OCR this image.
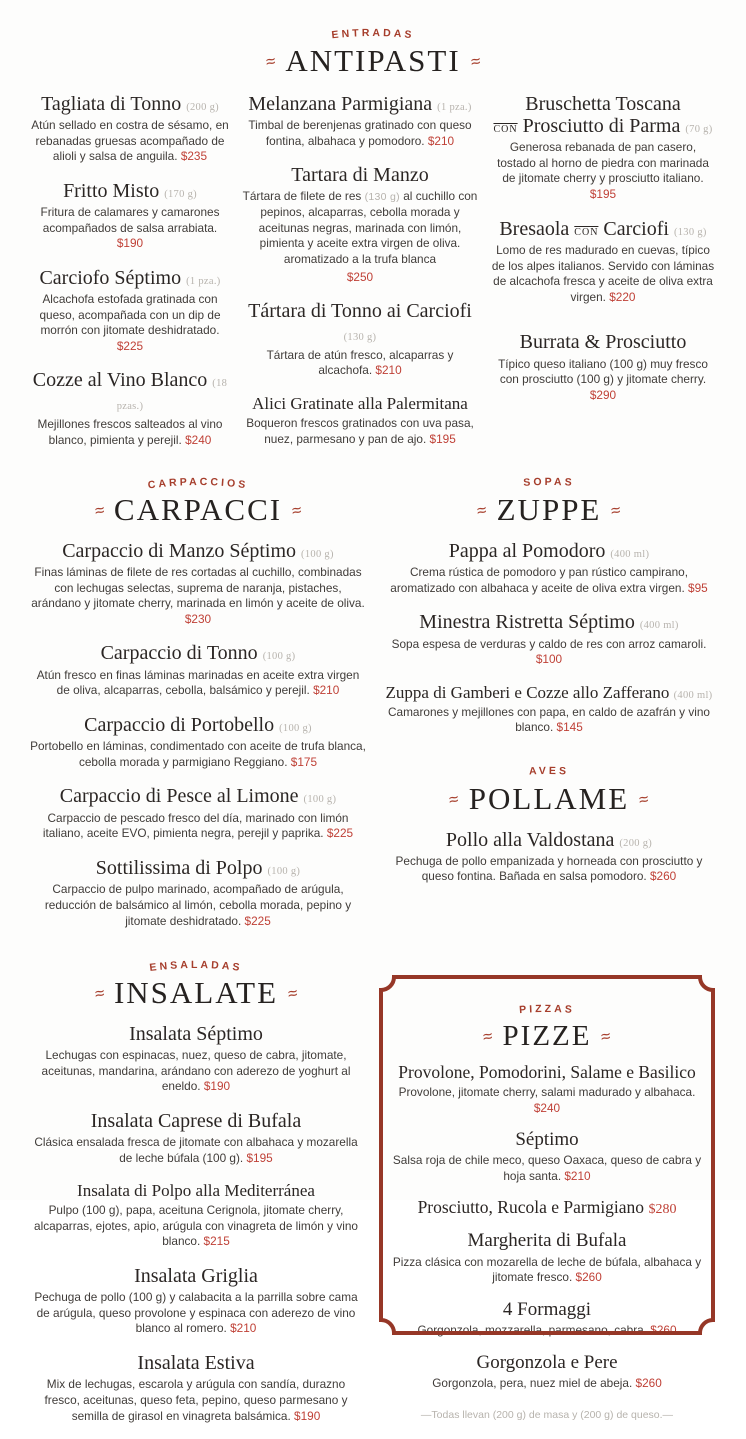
ENTRADAS
≈ ANTIPASTI ≈
Tagliata di Tonno (200 g)

Atún sellado en costra de sésamo, en rebanadas gruesas acompañado de alioli y salsa de anguila. $235

Fritto Misto (170 g)

Fritura de calamares y camarones acompañados de salsa arrabiata. $190

Carciofo Séptimo (1 pza.)

Alcachofa estofada gratinada con queso, acompañada con un dip de morrón con jitomate deshidratado. $225

Cozze al Vino Blanco (18 pzas.)

Mejillones frescos salteados al vino blanco, pimienta y perejil. $240

Melanzana Parmigiana (1 pza.)

Timbal de berenjenas gratinado con queso fontina, albahaca y pomodoro. $210

Tartara di Manzo

Tártara de filete de res (130 g) al cuchillo con pepinos, alcaparras, cebolla morada y aceitunas negras, marinada con limón, pimienta y aceite extra virgen de oliva. aromatizado a la trufa blanca
$250

Tártara di Tonno ai Carciofi (130 g)

Tártara de atún fresco, alcaparras y alcachofa. $210

Alici Gratinate alla Palermitana

Boqueron frescos gratinados con uva pasa, nuez, parmesano y pan de ajo. $195

Bruschetta Toscana
CON Prosciutto di Parma (70 g)

Generosa rebanada de pan casero, tostado al horno de piedra con marinada de jitomate cherry y prosciutto italiano. $195

Bresaola CON Carciofi (130 g)

Lomo de res madurado en cuevas, típico de los alpes italianos. Servido con láminas de alcachofa fresca y aceite de oliva extra virgen. $220

Burrata & Prosciutto

Típico queso italiano (100 g) muy fresco con prosciutto (100 g) y jitomate cherry. $290

CARPACCIOS
≈ CARPACCI ≈
Carpaccio di Manzo Séptimo (100 g)

Finas láminas de filete de res cortadas al cuchillo, combinadas con lechugas selectas, suprema de naranja, pistaches, arándano y jitomate cherry, marinada en limón y aceite de oliva. $230

Carpaccio di Tonno (100 g)

Atún fresco en finas láminas marinadas en aceite extra virgen de oliva, alcaparras, cebolla, balsámico y perejil. $210

Carpaccio di Portobello (100 g)

Portobello en láminas, condimentado con aceite de trufa blanca, cebolla morada y parmigiano Reggiano. $175

Carpaccio di Pesce al Limone (100 g)

Carpaccio de pescado fresco del día, marinado con limón italiano, aceite EVO, pimienta negra, perejil y paprika. $225

Sottilissima di Polpo (100 g)

Carpaccio de pulpo marinado, acompañado de arúgula, reducción de balsámico al limón, cebolla morada, pepino y jitomate deshidratado. $225

SOPAS
≈ ZUPPE ≈
Pappa al Pomodoro (400 ml)

Crema rústica de pomodoro y pan rústico campirano, aromatizado con albahaca y aceite de oliva extra virgen. $95

Minestra Ristretta Séptimo (400 ml)

Sopa espesa de verduras y caldo de res con arroz camaroli. $100

Zuppa di Gamberi e Cozze allo Zafferano (400 ml)

Camarones y mejillones con papa, en caldo de azafrán y vino blanco. $145

AVES
≈ POLLAME ≈
Pollo alla Valdostana (200 g)

Pechuga de pollo empanizada y horneada con prosciutto y queso fontina. Bañada en salsa pomodoro. $260

ENSALADAS
≈ INSALATE ≈
Insalata Séptimo

Lechugas con espinacas, nuez, queso de cabra, jitomate, aceitunas, mandarina, arándano con aderezo de yoghurt al eneldo. $190

Insalata Caprese di Bufala

Clásica ensalada fresca de jitomate con albahaca y mozarella de leche búfala (100 g). $195

Insalata di Polpo alla Mediterránea

Pulpo (100 g), papa, aceituna Cerignola, jitomate cherry, alcaparras, ejotes, apio, arúgula con vinagreta de limón y vino blanco. $215

Insalata Griglia

Pechuga de pollo (100 g) y calabacita a la parrilla sobre cama de arúgula, queso provolone y espinaca con aderezo de vino blanco al romero. $210

Insalata Estiva

Mix de lechugas, escarola y arúgula con sandía, durazno fresco, aceitunas, queso feta, pepino, queso parmesano y semilla de girasol en vinagreta balsámica. $190

PIZZAS
≈ PIZZE ≈
Provolone, Pomodorini, Salame e Basilico

Provolone, jitomate cherry, salami madurado y albahaca. $240

Séptimo

Salsa roja de chile meco, queso Oaxaca, queso de cabra y hoja santa. $210

Prosciutto, Rucola e Parmigiano $280
Margherita di Bufala

Pizza clásica con mozarella de leche de búfala, albahaca y jitomate fresco. $260

4 Formaggi

Gorgonzola, mozzarella, parmesano, cabra. $260

Gorgonzola e Pere

Gorgonzola, pera, nuez miel de abeja. $260

—Todas llevan (200 g) de masa y (200 g) de queso.—
